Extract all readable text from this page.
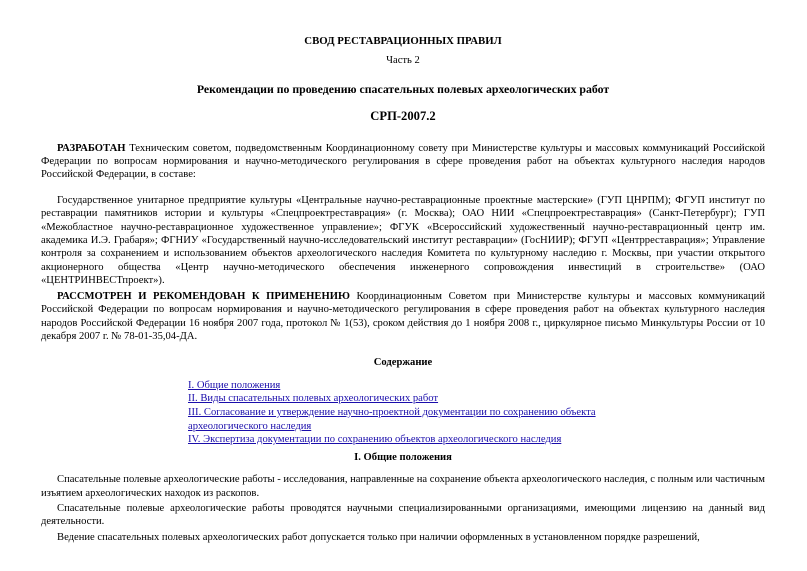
СВОД РЕСТАВРАЦИОННЫХ ПРАВИЛ
Часть 2
Рекомендации по проведению спасательных полевых археологических работ
СРП-2007.2

РАЗРАБОТАН Техническим советом, подведомственным Координационному совету при Министерстве культуры и массовых коммуникаций Российской Федерации по вопросам нормирования и научно-методического регулирования в сфере проведения работ на объектах культурного наследия народов Российской Федерации, в составе:

Государственное унитарное предприятие культуры «Центральные научно-реставрационные проектные мастерские» (ГУП ЦНРПМ); ФГУП институт по реставрации памятников истории и культуры «Спецпроектреставрация» (г. Москва); ОАО НИИ «Спецпроектреставрация» (Санкт-Петербург); ГУП «Межобластное научно-реставрационное художественное управление»; ФГУК «Всероссийский художественный научно-реставрационный центр им. академика И.Э. Грабаря»; ФГНИУ «Государственный научно-исследовательский институт реставрации» (ГосНИИР); ФГУП «Центрреставрация»; Управление контроля за сохранением и использованием объектов археологического наследия Комитета по культурному наследию г. Москвы, при участии открытого акционерного общества «Центр научно-методического обеспечения инженерного сопровождения инвестиций в строительстве» (ОАО «ЦЕНТРИНВЕСТпроект»).

РАССМОТРЕН И РЕКОМЕНДОВАН К ПРИМЕНЕНИЮ Координационным Советом при Министерстве культуры и массовых коммуникаций Российской Федерации по вопросам нормирования и научно-методического регулирования в сфере проведения работ на объектах культурного наследия народов Российской Федерации 16 ноября 2007 года, протокол № 1(53), сроком действия до 1 ноября 2008 г., циркулярное письмо Минкультуры России от 10 декабря 2007 г. № 78-01-35,04-ДА.

Содержание
I. Общие положения
II. Виды спасательных полевых археологических работ
III. Согласование и утверждение научно-проектной документации по сохранению объекта археологического наследия
IV. Экспертиза документации по сохранению объектов археологического наследия
I. Общие положения

Спасательные полевые археологические работы - исследования, направленные на сохранение объекта археологического наследия, с полным или частичным изъятием археологических находок из раскопов.

Спасательные полевые археологические работы проводятся научными специализированными организациями, имеющими лицензию на данный вид деятельности.

Ведение спасательных полевых археологических работ допускается только при наличии оформленных в установленном порядке разрешений,
